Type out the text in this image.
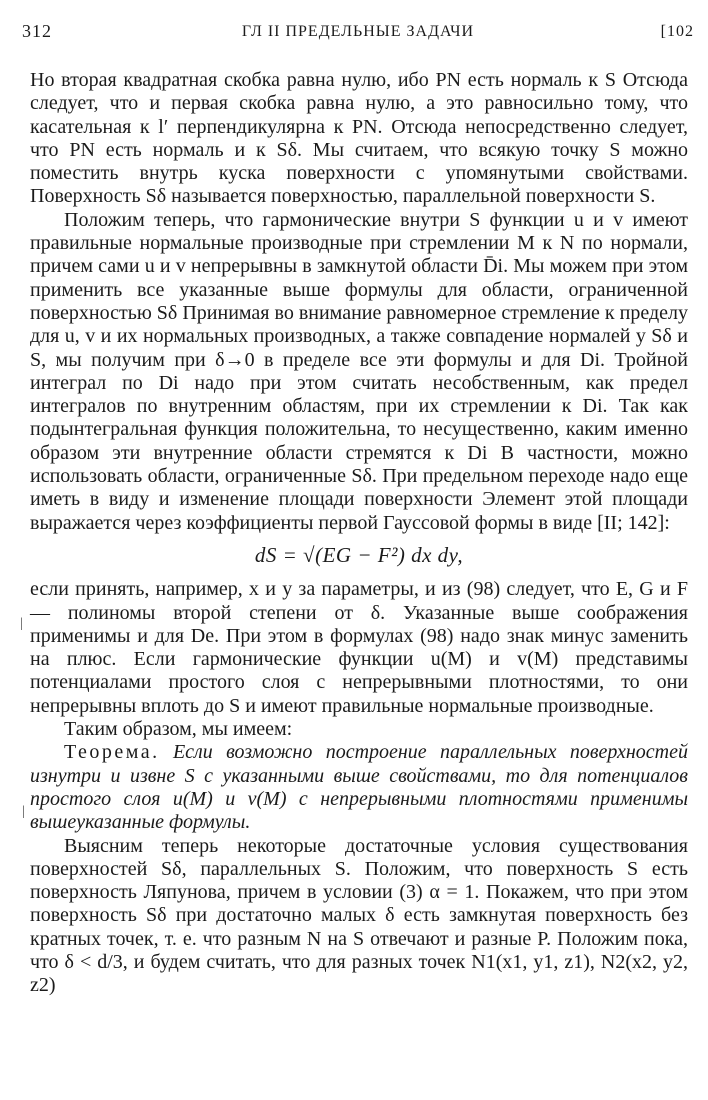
312	ГЛ II ПРЕДЕЛЬНЫЕ ЗАДАЧИ	[102

Но вторая квадратная скобка равна нулю, ибо PN есть нормаль к S Отсюда следует, что и первая скобка равна нулю, а это равносильно тому, что касательная к l′ перпендикулярна к PN. Отсюда непосредственно следует, что PN есть нормаль и к Sδ. Мы считаем, что всякую точку S можно поместить внутрь куска поверхности с упомянутыми свойствами. Поверхность Sδ называется поверхностью, параллельной поверхности S.

Положим теперь, что гармонические внутри S функции u и v имеют правильные нормальные производные при стремлении M к N по нормали, причем сами u и v непрерывны в замкнутой области D̄i. Мы можем при этом применить все указанные выше формулы для области, ограниченной поверхностью Sδ Принимая во внимание равномерное стремление к пределу для u, v и их нормальных производных, а также совпадение нормалей у Sδ и S, мы получим при δ→0 в пределе все эти формулы и для Di. Тройной интеграл по Di надо при этом считать несобственным, как предел интегралов по внутренним областям, при их стремлении к Di. Так как подынтегральная функция положительна, то несущественно, каким именно образом эти внутренние области стремятся к Di В частности, можно использовать области, ограниченные Sδ. При предельном переходе надо еще иметь в виду и изменение площади поверхности Элемент этой площади выражается через коэффициенты первой Гауссовой формы в виде [II; 142]:

dS = √(EG − F²) dx dy,

если принять, например, x и y за параметры, и из (98) следует, что E, G и F — полиномы второй степени от δ. Указанные выше соображения применимы и для De. При этом в формулах (98) надо знак минус заменить на плюс. Если гармонические функции u(M) и v(M) представимы потенциалами простого слоя с непрерывными плотностями, то они непрерывны вплоть до S и имеют правильные нормальные производные.

Таким образом, мы имеем:

Теорема. Если возможно построение параллельных поверхностей изнутри и извне S с указанными выше свойствами, то для потенциалов простого слоя u(M) и v(M) с непрерывными плотностями применимы вышеуказанные формулы.

Выясним теперь некоторые достаточные условия существования поверхностей Sδ, параллельных S. Положим, что поверхность S есть поверхность Ляпунова, причем в условии (3) α = 1. Покажем, что при этом поверхность Sδ при достаточно малых δ есть замкнутая поверхность без кратных точек, т. е. что разным N на S отвечают и разные P. Положим пока, что δ < d/3, и будем считать, что для разных точек N1(x1, y1, z1), N2(x2, y2, z2)

|
|
